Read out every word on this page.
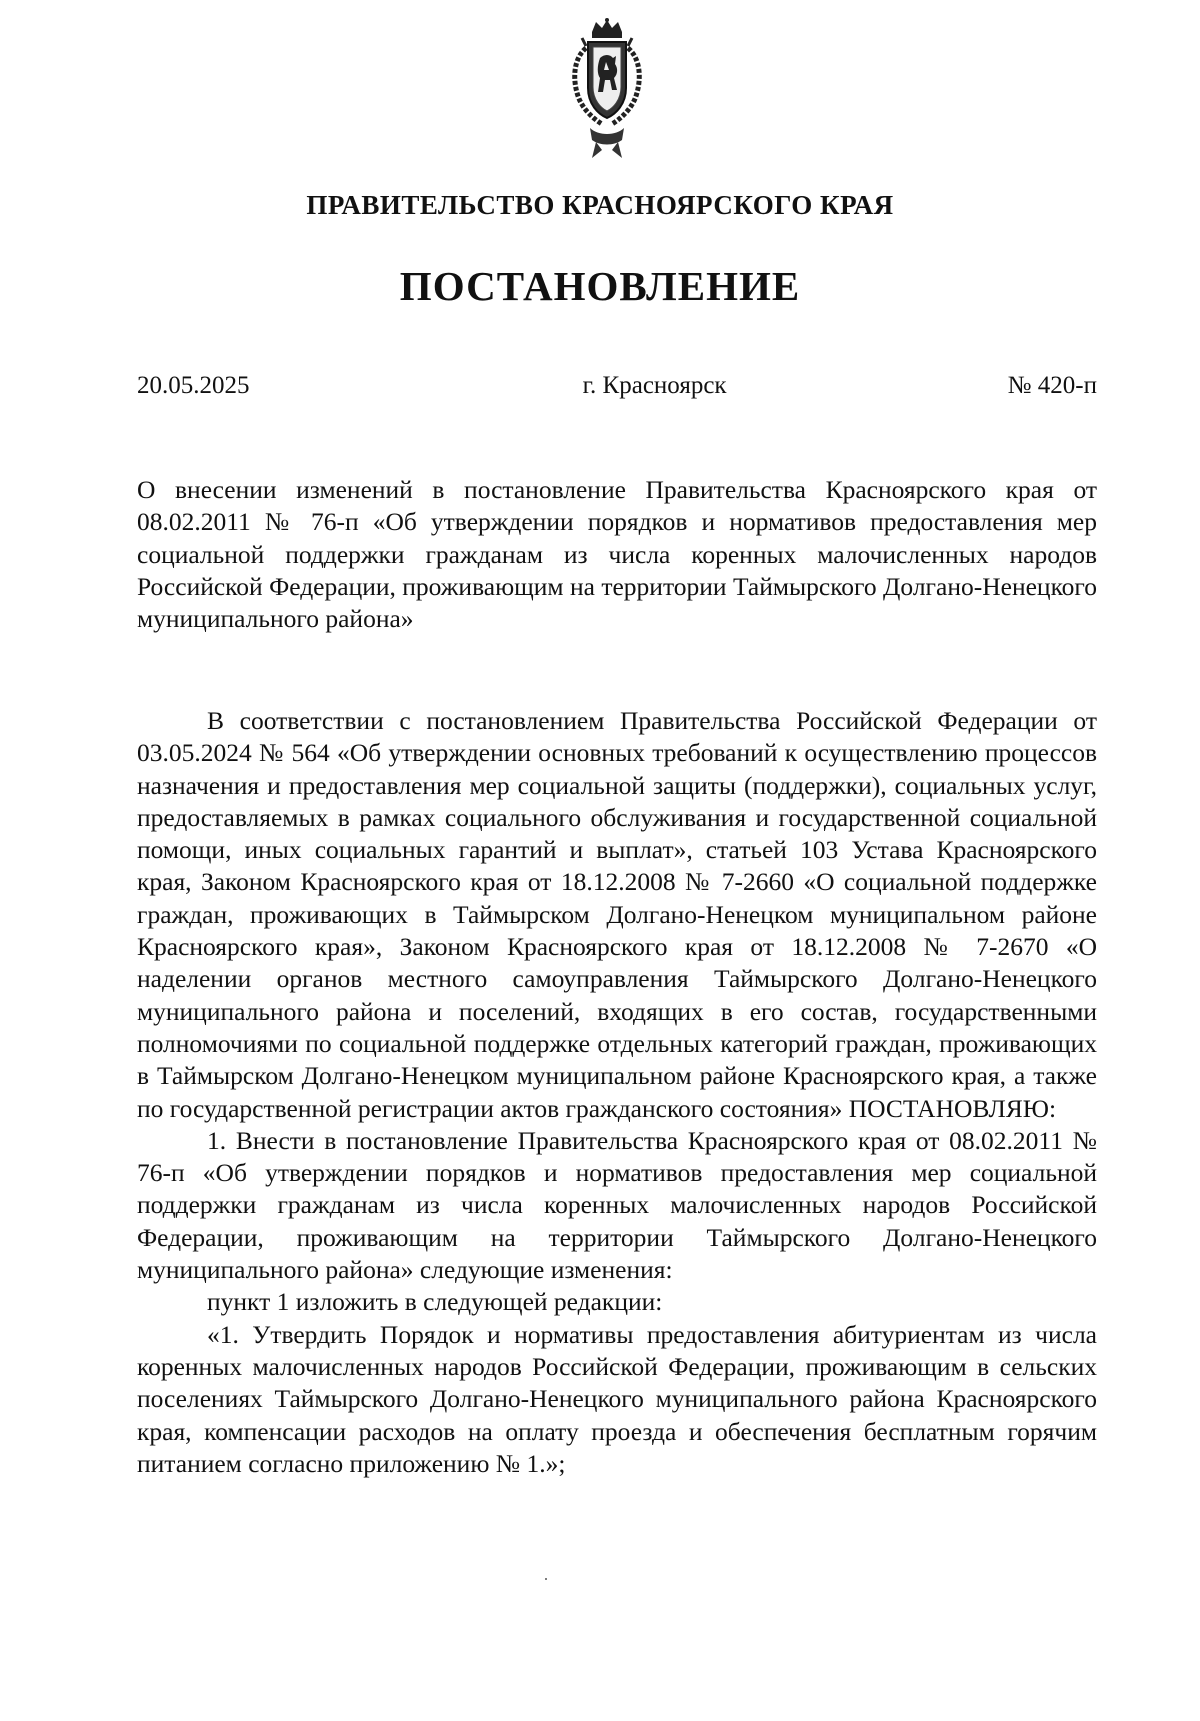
ПРАВИТЕЛЬСТВО КРАСНОЯРСКОГО КРАЯ
ПОСТАНОВЛЕНИЕ
20.05.2025	г. Красноярск	№ 420-п
О внесении изменений в постановление Правительства Красноярского края от 08.02.2011 № 76-п «Об утверждении порядков и нормативов предоставления мер социальной поддержки гражданам из числа коренных малочисленных народов Российской Федерации, проживающим на территории Таймырского Долгано-Ненецкого муниципального района»

В соответствии с постановлением Правительства Российской Федерации от 03.05.2024 № 564 «Об утверждении основных требований к осуществлению процессов назначения и предоставления мер социальной защиты (поддержки), социальных услуг, предоставляемых в рамках социального обслуживания и государственной социальной помощи, иных социальных гарантий и выплат», статьей 103 Устава Красноярского края, Законом Красноярского края от 18.12.2008 № 7-2660 «О социальной поддержке граждан, проживающих в Таймырском Долгано-Ненецком муниципальном районе Красноярского края», Законом Красноярского края от 18.12.2008 № 7-2670 «О наделении органов местного самоуправления Таймырского Долгано-Ненецкого муниципального района и поселений, входящих в его состав, государственными полномочиями по социальной поддержке отдельных категорий граждан, проживающих в Таймырском Долгано-Ненецком муниципальном районе Красноярского края, а также по государственной регистрации актов гражданского состояния» ПОСТАНОВЛЯЮ:

1. Внести в постановление Правительства Красноярского края от 08.02.2011 № 76-п «Об утверждении порядков и нормативов предоставления мер социальной поддержки гражданам из числа коренных малочисленных народов Российской Федерации, проживающим на территории Таймырского Долгано-Ненецкого муниципального района» следующие изменения:

пункт 1 изложить в следующей редакции:

«1. Утвердить Порядок и нормативы предоставления абитуриентам из числа коренных малочисленных народов Российской Федерации, проживающим в сельских поселениях Таймырского Долгано-Ненецкого муниципального района Красноярского края, компенсации расходов на оплату проезда и обеспечения бесплатным горячим питанием согласно приложению № 1.»;
